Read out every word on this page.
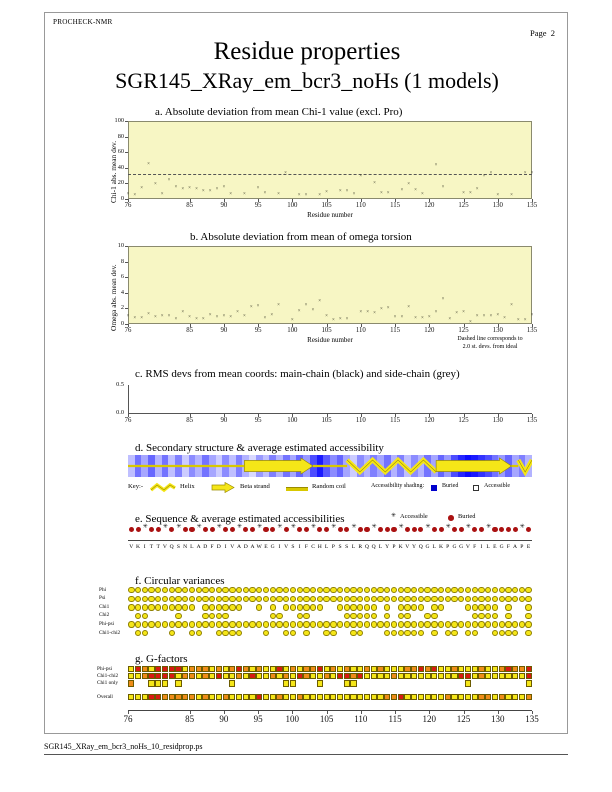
PROCHECK-NMR
Page 2
Residue properties
SGR145_XRay_em_bcr3_noHs (1 models)
a. Absolute deviation from mean Chi-1 value (excl. Pro)
Chi-1 abs. mean dev.
Residue number
b. Absolute deviation from mean of omega torsion
Omega abs. mean dev.
Residue number	Dashed line corresponds to
2.0 st. devs. from ideal
c. RMS devs from mean coords: main-chain (black) and side-chain (grey)
d. Secondary structure & average estimated accessibility
e. Sequence & average estimated accessibilities
✳	✳ ✳	✳	✳	✳	✳	✳ ✳	✳	✳	✳	✳	✳	✳	✳	✳	✳	✳
V K I T T V Q S N L A D F D I V A D A W E G I V S I F C H L P S S L R Q Q L Y P K V Y Q G L K P G G V F I L E G F A P E
f. Circular variances
g. G-factors
100
80
60
40
20
0
× ×
×
×
×
×
×
× × × × × × × ×
× ×
×
× ×
×
× × ×
× × ×
×
×
×
× ×
×
×
×
×
×
×
× ×
×
×
×
× ×
× ×
76	85	90	95	100	105	110	115	120	125	130	135
10
8
6
4
2
0
× × ×
×
× × ×
×
×
× × ×
× × × ×
×
×
× ×
×
×
×
×
×
×
×
×
×
× × ×
× × ×
× ×
× ×
×
× × ×
×
×
×
× ×
×
× × × ×
×
×
× ×
×
76	85	90	95	100	105	110	115	120	125	130	135
0.5
0.0
76	85	90	95	100	105	110	115	120	125	130	135
Key:-	Helix	Beta strand	Random coil	Accessibility shading:	Buried	Accessible
✳ Accessible	Buried
Phi
Psi
Chi1
Chi2
Phi-psi
Chi1-chi2
Phi-psi
Chi1-chi2
Chi1 only
Overall
76	85	90	95	100	105	110	115	120	125	130	135
SGR145_XRay_em_bcr3_noHs_10_residprop.ps
